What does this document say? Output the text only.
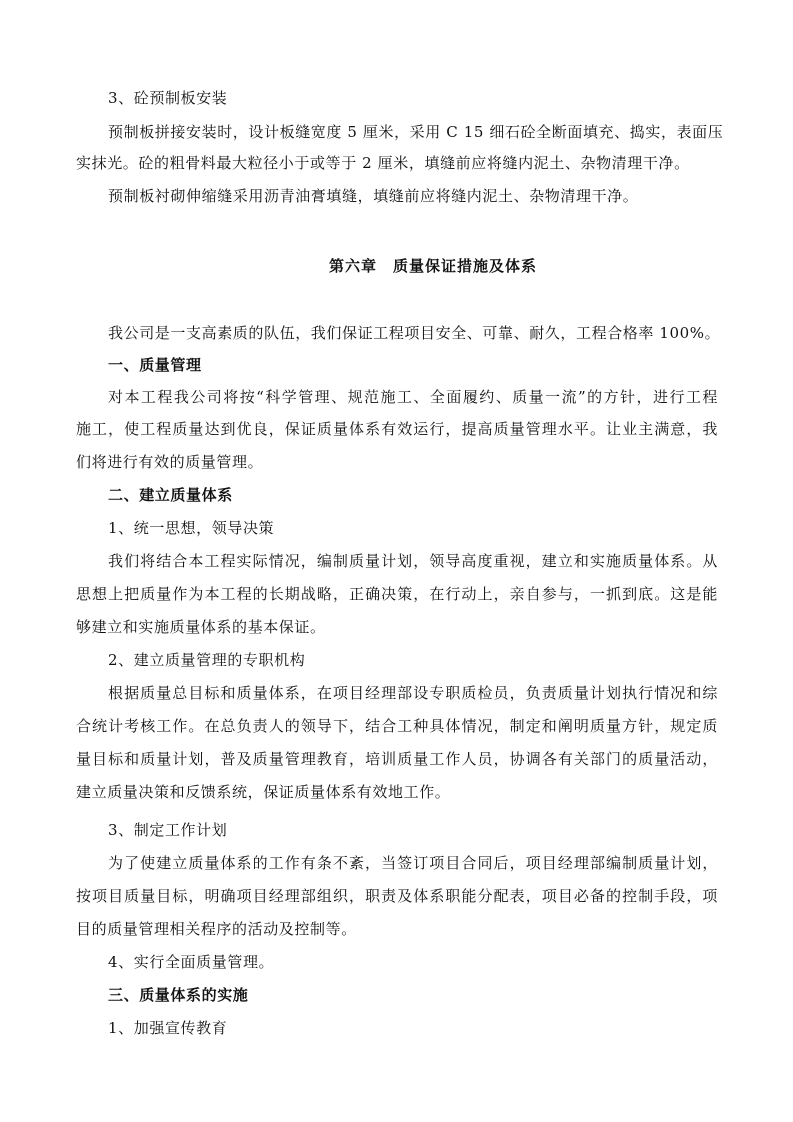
3、砼预制板安装
预制板拼接安装时，设计板缝宽度 5 厘米，采用 C 15 细石砼全断面填充、捣实，表面压
实抹光。砼的粗骨料最大粒径小于或等于 2 厘米，填缝前应将缝内泥土、杂物清理干净。
预制板衬砌伸缩缝采用沥青油膏填缝，填缝前应将缝内泥土、杂物清理干净。
第六章　质量保证措施及体系
我公司是一支高素质的队伍，我们保证工程项目安全、可靠、耐久，工程合格率 100%。
一、质量管理
对本工程我公司将按“科学管理、规范施工、全面履约、质量一流”的方针，进行工程
施工，使工程质量达到优良，保证质量体系有效运行，提高质量管理水平。让业主满意，我
们将进行有效的质量管理。
二、建立质量体系
1、统一思想，领导决策
我们将结合本工程实际情况，编制质量计划，领导高度重视，建立和实施质量体系。从
思想上把质量作为本工程的长期战略，正确决策，在行动上，亲自参与，一抓到底。这是能
够建立和实施质量体系的基本保证。
2、建立质量管理的专职机构
根据质量总目标和质量体系，在项目经理部设专职质检员，负责质量计划执行情况和综
合统计考核工作。在总负责人的领导下，结合工种具体情况，制定和阐明质量方针，规定质
量目标和质量计划，普及质量管理教育，培训质量工作人员，协调各有关部门的质量活动，
建立质量决策和反馈系统，保证质量体系有效地工作。
3、制定工作计划
为了使建立质量体系的工作有条不紊，当签订项目合同后，项目经理部编制质量计划，
按项目质量目标，明确项目经理部组织，职责及体系职能分配表，项目必备的控制手段，项
目的质量管理相关程序的活动及控制等。
4、实行全面质量管理。
三、质量体系的实施
1、加强宣传教育
